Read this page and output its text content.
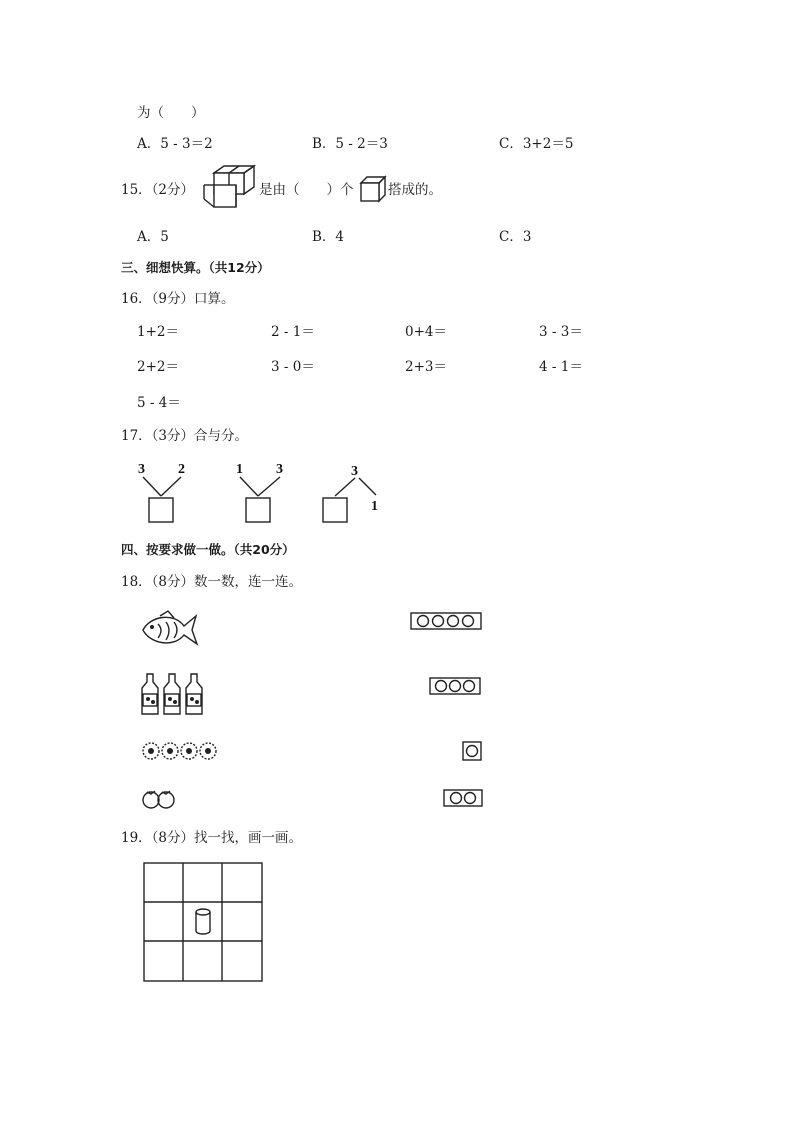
为（　　）
A．5 - 3＝2	B．5 - 2＝3	C．3+2＝5
15．（2分）	是由（　　）个	搭成的。
A．5	B．4	C．3
三、细想快算。（共12分）
16．（9分）口算。
1+2＝	2 - 1＝	0+4＝	3 - 3＝
2+2＝	3 - 0＝	2+3＝	4 - 1＝
5 - 4＝
17．（3分）合与分。
3 2	1 3	3
1
四、按要求做一做。（共20分）
18．（8分）数一数，连一连。
19．（8分）找一找，画一画。
